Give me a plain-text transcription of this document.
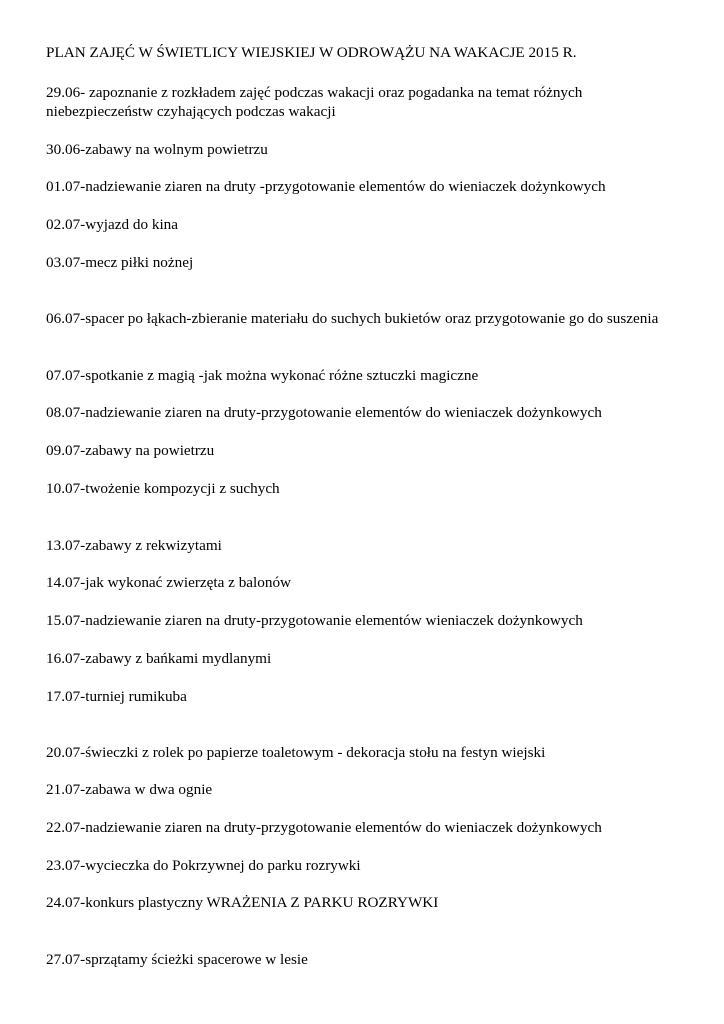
PLAN ZAJĘĆ W ŚWIETLICY WIEJSKIEJ W ODROWĄŻU NA WAKACJE 2015 R.
29.06- zapoznanie z rozkładem zajęć podczas wakacji oraz pogadanka na temat różnych niebezpieczeństw czyhających podczas wakacji
30.06-zabawy na wolnym powietrzu
01.07-nadziewanie ziaren na druty -przygotowanie elementów do wieniaczek dożynkowych
02.07-wyjazd do kina
03.07-mecz piłki nożnej
06.07-spacer po łąkach-zbieranie materiału do suchych bukietów oraz przygotowanie go do suszenia
07.07-spotkanie z magią -jak można wykonać różne sztuczki magiczne
08.07-nadziewanie ziaren na druty-przygotowanie elementów do wieniaczek dożynkowych
09.07-zabawy na powietrzu
10.07-twożenie kompozycji z suchych
13.07-zabawy z rekwizytami
14.07-jak wykonać zwierzęta z balonów
15.07-nadziewanie ziaren na druty-przygotowanie elementów wieniaczek dożynkowych
16.07-zabawy z bańkami mydlanymi
17.07-turniej rumikuba
20.07-świeczki z rolek po papierze toaletowym - dekoracja stołu na festyn wiejski
21.07-zabawa w dwa ognie
22.07-nadziewanie ziaren na druty-przygotowanie elementów do wieniaczek dożynkowych
23.07-wycieczka do Pokrzywnej do parku rozrywki
24.07-konkurs plastyczny WRAŻENIA Z PARKU ROZRYWKI
27.07-sprzątamy ścieżki spacerowe w lesie
